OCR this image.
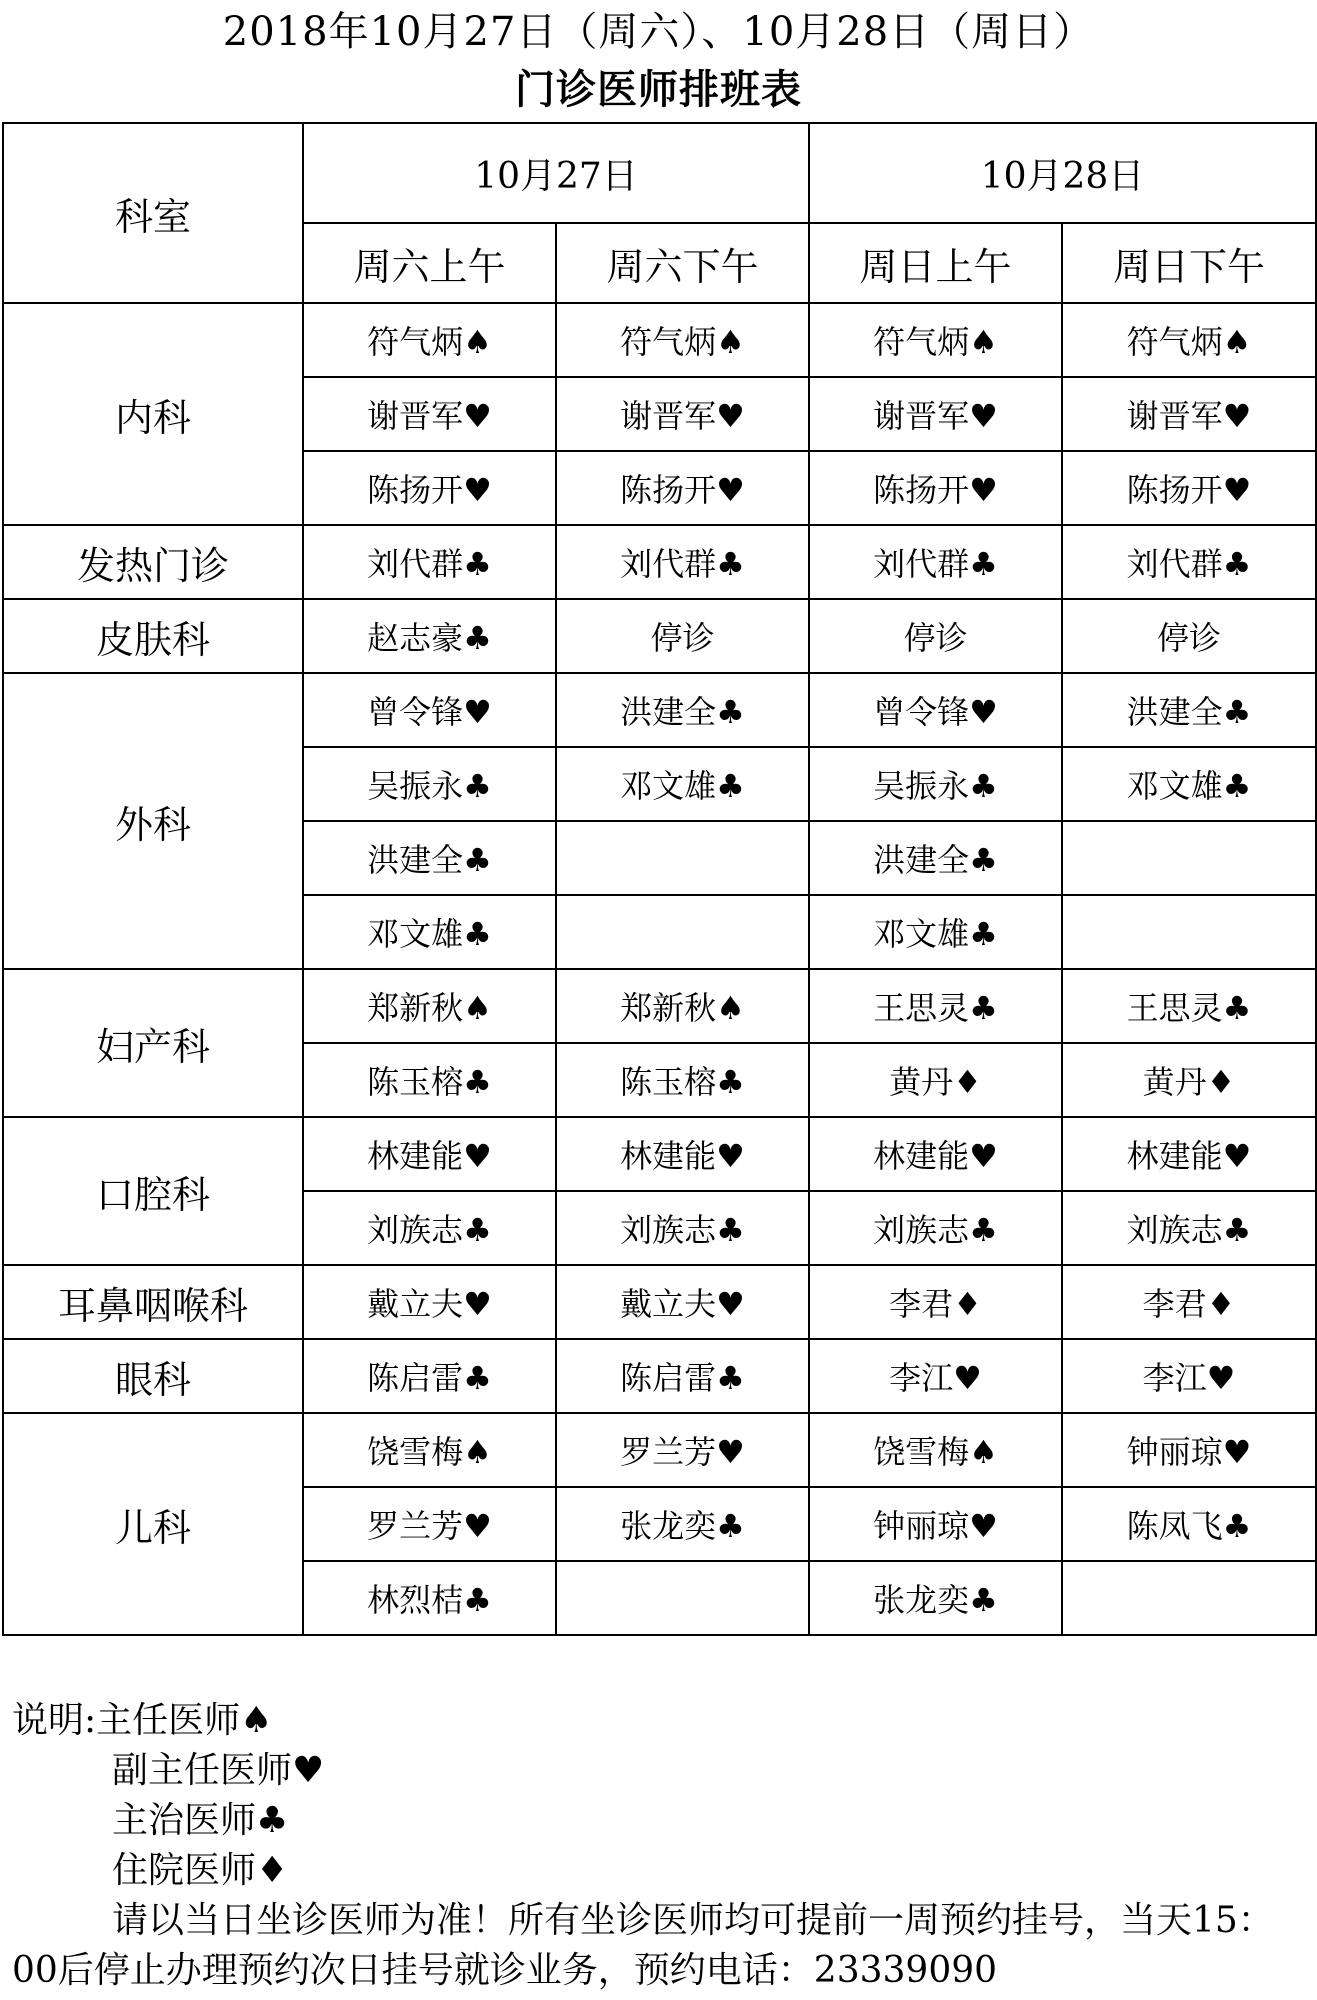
2018年10月27日（周六）、10月28日（周日）
门诊医师排班表
科室	10月27日		10月28日	
	周六上午	周六下午	周日上午	周日下午
内科	符气炳♠	符气炳♠	符气炳♠	符气炳♠
	谢晋军♥	谢晋军♥	谢晋军♥	谢晋军♥
	陈扬开♥	陈扬开♥	陈扬开♥	陈扬开♥
发热门诊	刘代群♣	刘代群♣	刘代群♣	刘代群♣
皮肤科	赵志豪♣	停诊	停诊	停诊
外科	曾令锋♥	洪建全♣	曾令锋♥	洪建全♣
	吴振永♣	邓文雄♣	吴振永♣	邓文雄♣
	洪建全♣		洪建全♣	
	邓文雄♣		邓文雄♣	
妇产科	郑新秋♠	郑新秋♠	王思灵♣	王思灵♣
	陈玉榕♣	陈玉榕♣	黄丹♦	黄丹♦
口腔科	林建能♥	林建能♥	林建能♥	林建能♥
	刘族志♣	刘族志♣	刘族志♣	刘族志♣
耳鼻咽喉科	戴立夫♥	戴立夫♥	李君♦	李君♦
眼科	陈启雷♣	陈启雷♣	李江♥	李江♥
儿科	饶雪梅♠	罗兰芳♥	饶雪梅♠	钟丽琼♥
	罗兰芳♥	张龙奕♣	钟丽琼♥	陈凤飞♣
	林烈桔♣		张龙奕♣	
说明:主任医师♠
副主任医师♥
主治医师♣
住院医师♦
请以当日坐诊医师为准！所有坐诊医师均可提前一周预约挂号，当天15：00后停止办理预约次日挂号就诊业务，预约电话：23339090
